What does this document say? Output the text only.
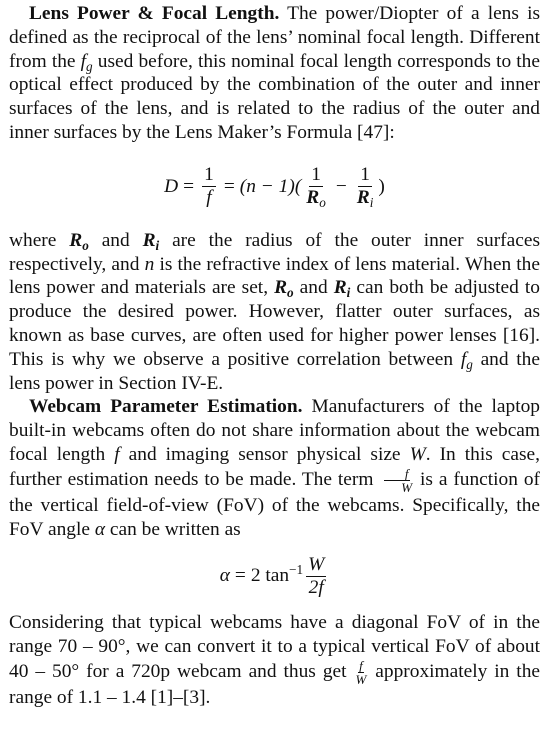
Lens Power & Focal Length. The power/Diopter of a lens is defined as the reciprocal of the lens’ nominal focal length. Different from the $f_g$ used before, this nominal focal length corresponds to the optical effect produced by the combination of the outer and inner surfaces of the lens, and is related to the radius of the outer and inner surfaces by the Lens Maker’s Formula [47]:

$D = \frac{1}{f} = (n - 1)( \frac{1}{R_o} - \frac{1}{R_i}$ )

where $R_o$ and $R_i$ are the radius of the outer inner surfaces respectively, and n is the refractive index of lens material. When the lens power and materials are set, $R_o$ and $R_i$ can both be adjusted to produce the desired power. However, flatter outer surfaces, as known as base curves, are often used for higher power lenses [16]. This is why we observe a positive correlation between $f_g$ and the lens power in Section IV-E.

Webcam Parameter Estimation. Manufacturers of the laptop built-in webcams often do not share information about the webcam focal length f and imaging sensor physical size W. In this case, further estimation needs to be made. The term $\frac{f}{W}$ is a function of the vertical field-of-view (FoV) of the webcams. Specifically, the FoV angle α can be written as

α = 2 $\tan^{-1} \frac{W}{2f}$

Considering that typical webcams have a diagonal FoV of in the range 70 – 90°, we can convert it to a typical vertical FoV of about 40 – 50° for a 720p webcam and thus get $\frac{f}{W}$ approximately in the range of 1.1 – 1.4 [1]–[3].
